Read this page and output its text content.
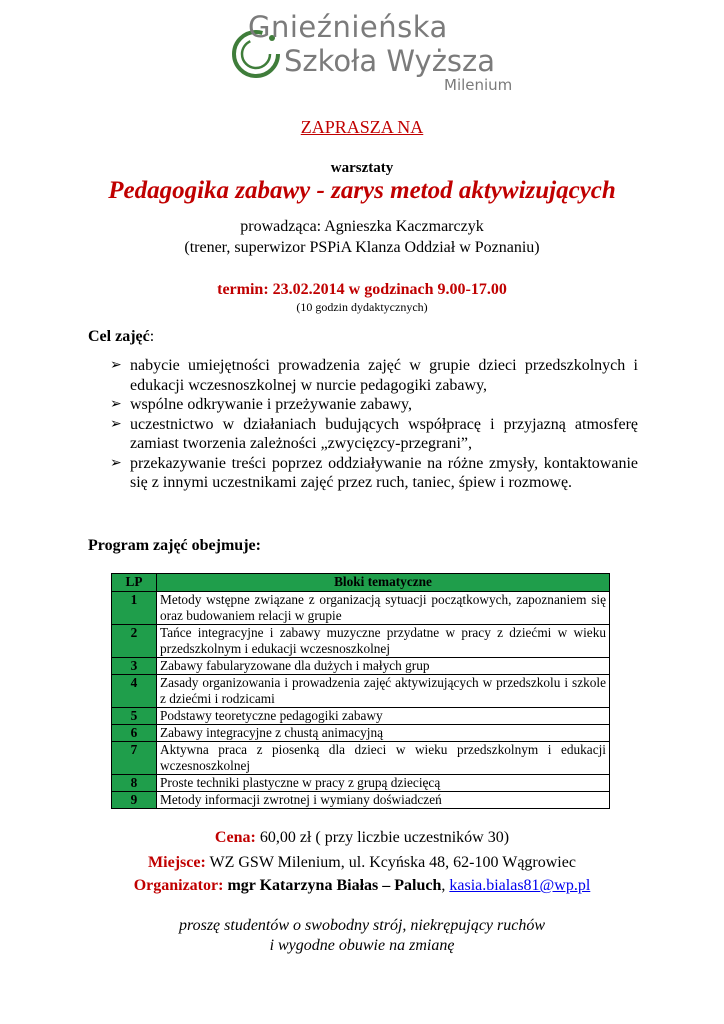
Gnieźnieńska
Szkoła Wyższa
Milenium
ZAPRASZA NA
warsztaty
Pedagogika zabawy - zarys metod aktywizujących
prowadząca: Agnieszka Kaczmarczyk
(trener, superwizor PSPiA Klanza Oddział w Poznaniu)
termin: 23.02.2014 w godzinach 9.00-17.00
(10 godzin dydaktycznych)
Cel zajęć:
➢ nabycie umiejętności prowadzenia zajęć w grupie dzieci przedszkolnych i edukacji wczesnoszkolnej w nurcie pedagogiki zabawy,
➢ wspólne odkrywanie i przeżywanie zabawy,
➢ uczestnictwo w działaniach budujących współpracę i przyjazną atmosferę zamiast tworzenia zależności „zwycięzcy-przegrani”,
➢ przekazywanie treści poprzez oddziaływanie na różne zmysły, kontaktowanie się z innymi uczestnikami zajęć przez ruch, taniec, śpiew i rozmowę.
Program zajęć obejmuje:
LP	Bloki tematyczne
1	Metody wstępne związane z organizacją sytuacji początkowych, zapoznaniem się oraz budowaniem relacji w grupie
2	Tańce integracyjne i zabawy muzyczne przydatne w pracy z dziećmi w wieku przedszkolnym i edukacji wczesnoszkolnej
3	Zabawy fabularyzowane dla dużych i małych grup
4	Zasady organizowania i prowadzenia zajęć aktywizujących w przedszkolu i szkole z dziećmi i rodzicami
5	Podstawy teoretyczne pedagogiki zabawy
6	Zabawy integracyjne z chustą animacyjną
7	Aktywna praca z piosenką dla dzieci w wieku przedszkolnym i edukacji wczesnoszkolnej
8	Proste techniki plastyczne w pracy z grupą dziecięcą
9	Metody informacji zwrotnej i wymiany doświadczeń
Cena: 60,00 zł ( przy liczbie uczestników 30)
Miejsce: WZ GSW Milenium, ul. Kcyńska 48, 62-100 Wągrowiec
Organizator: mgr Katarzyna Białas – Paluch, kasia.bialas81@wp.pl
proszę studentów o swobodny strój, niekrępujący ruchów
i wygodne obuwie na zmianę
